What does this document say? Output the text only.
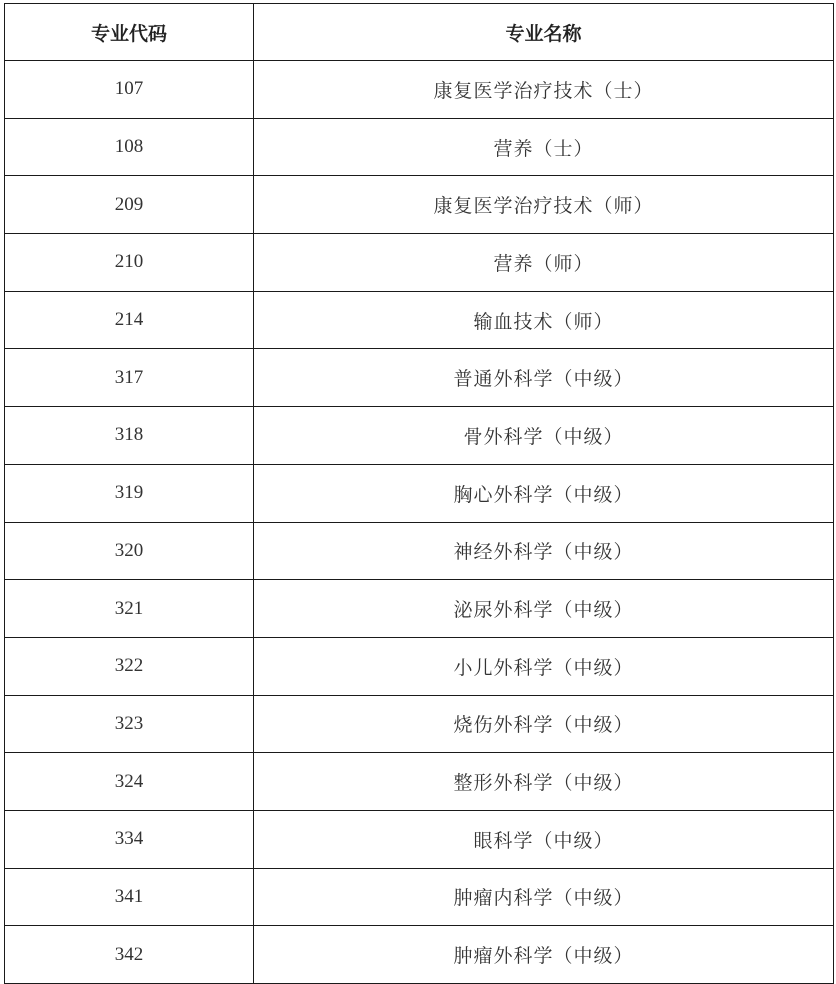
专业代码	专业名称
107	康复医学治疗技术（士）
108	营养（士）
209	康复医学治疗技术（师）
210	营养（师）
214	输血技术（师）
317	普通外科学（中级）
318	骨外科学（中级）
319	胸心外科学（中级）
320	神经外科学（中级）
321	泌尿外科学（中级）
322	小儿外科学（中级）
323	烧伤外科学（中级）
324	整形外科学（中级）
334	眼科学（中级）
341	肿瘤内科学（中级）
342	肿瘤外科学（中级）
